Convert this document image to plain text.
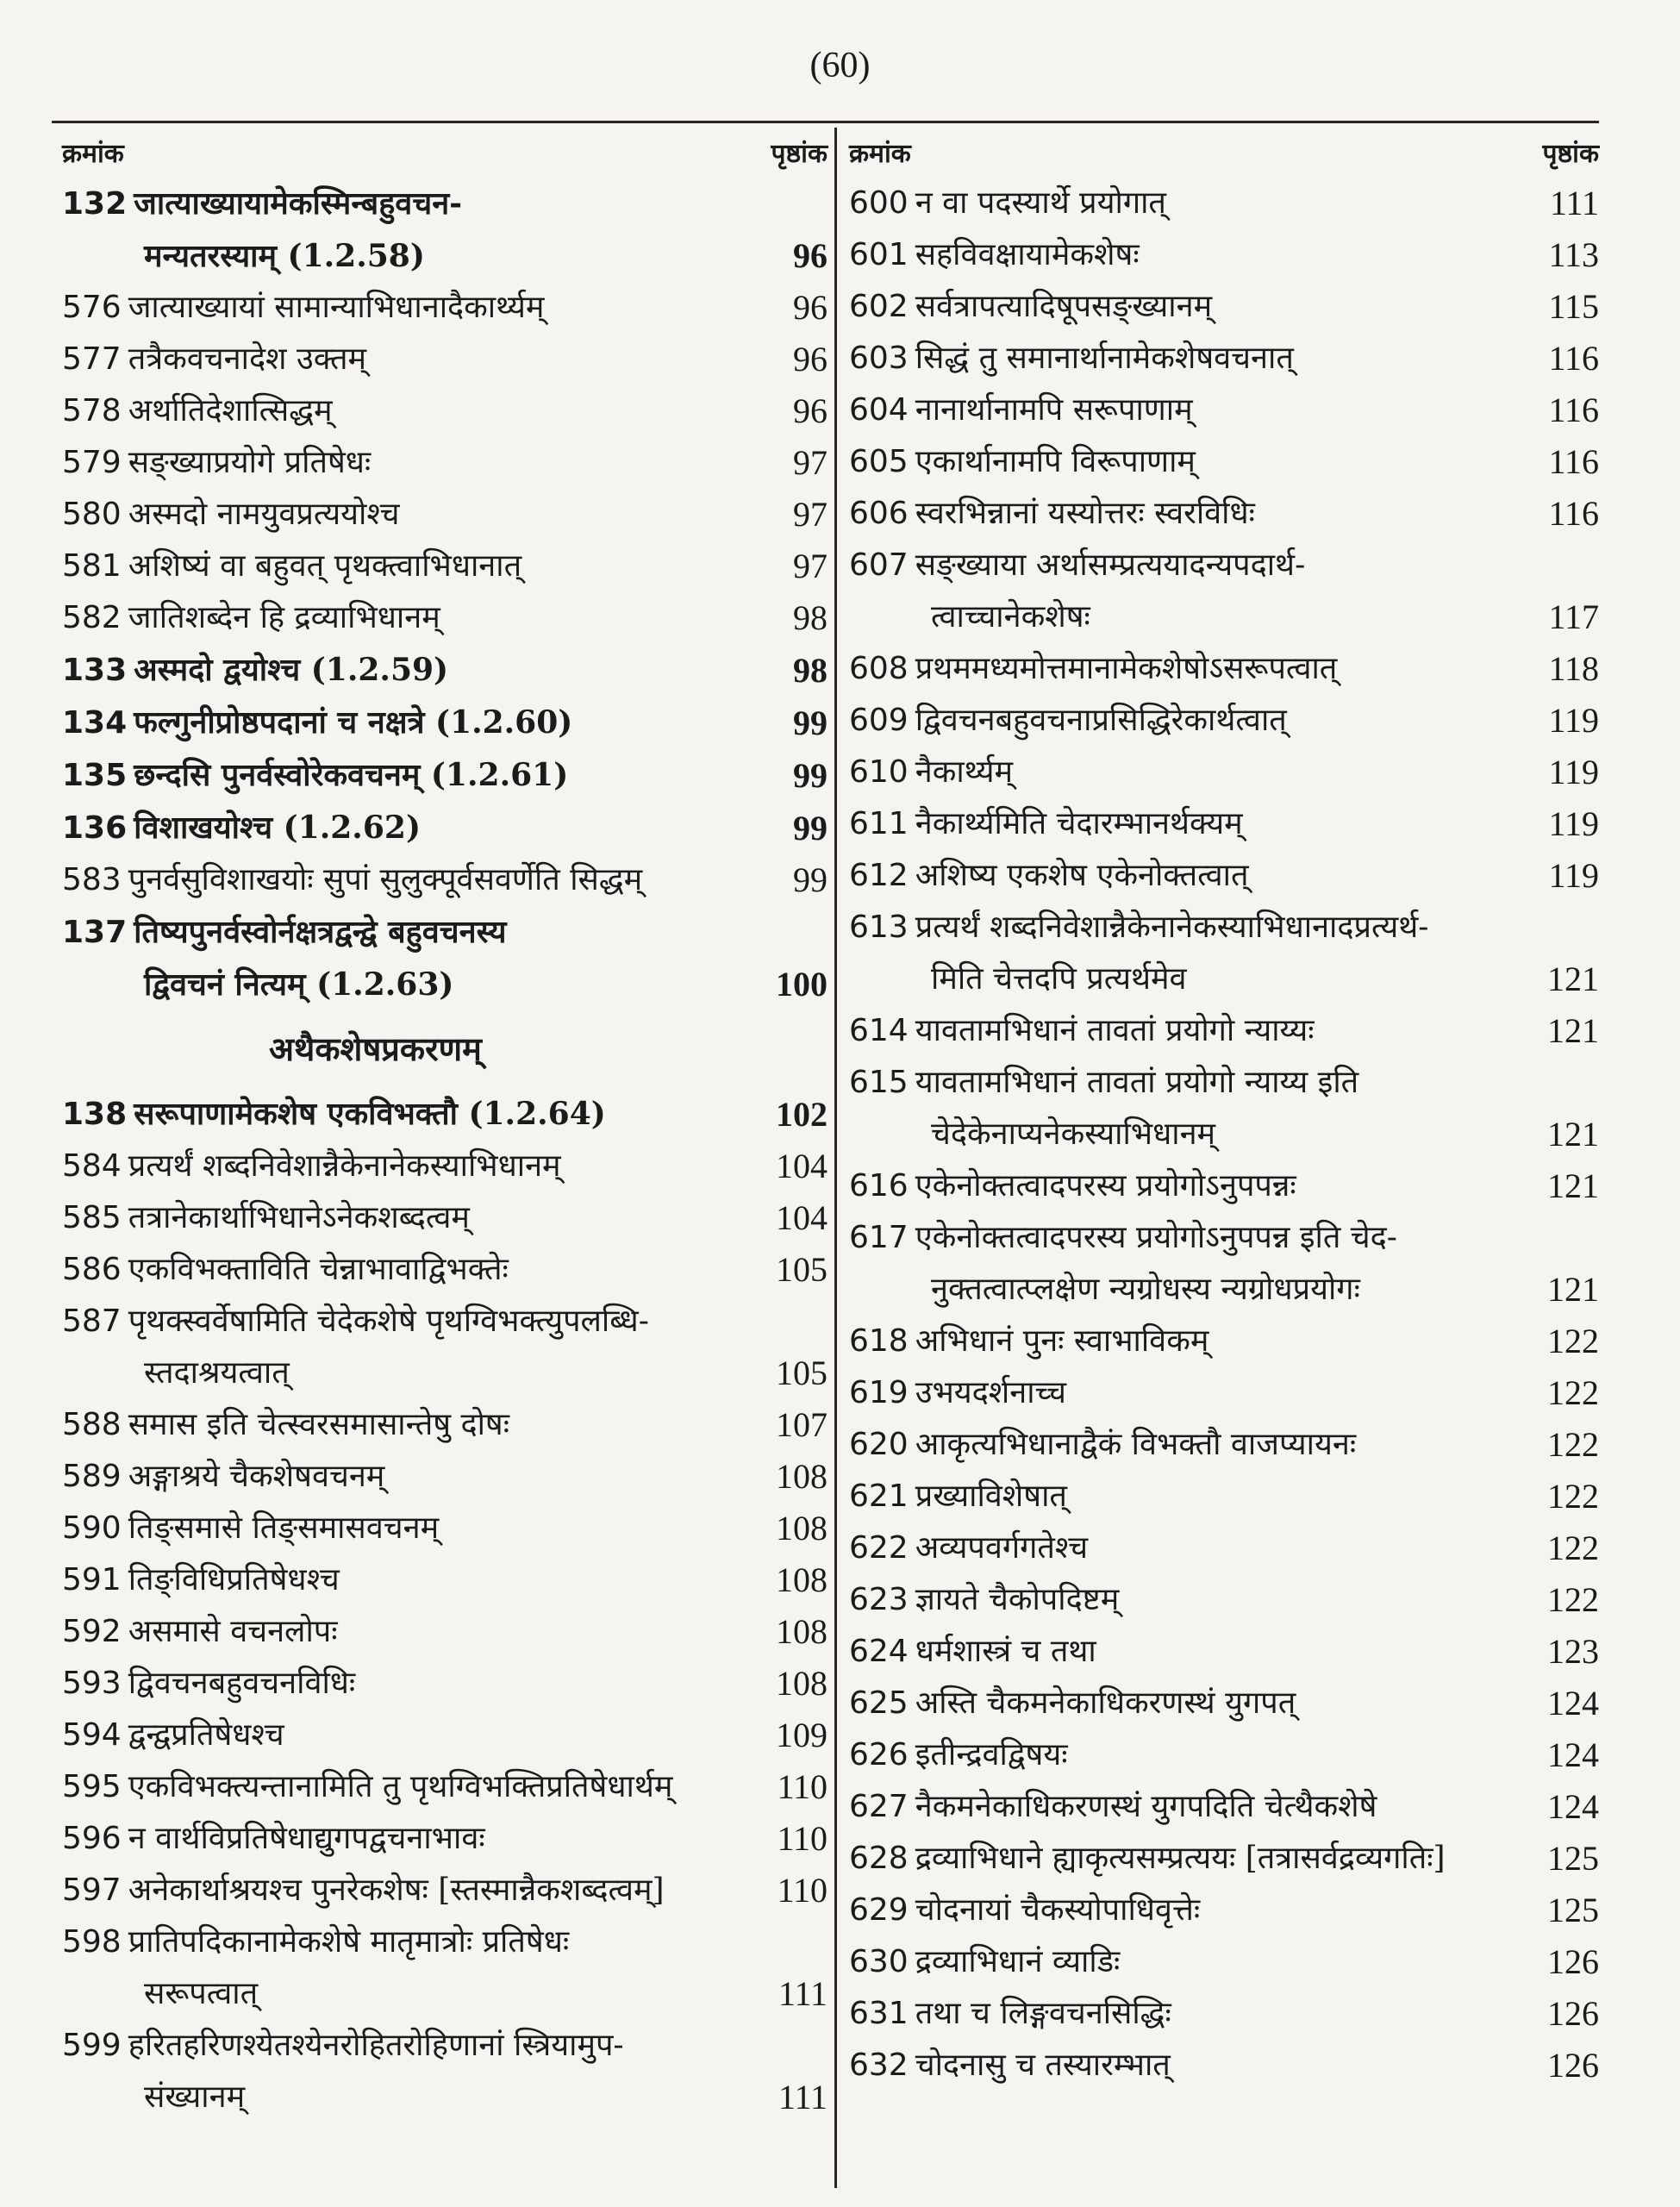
(60)
क्रमांक	पृष्ठांक
132 जात्याख्यायामेकस्मिन्बहुवचन-
मन्यतरस्याम् (1.2.58)	96
576 जात्याख्यायां सामान्याभिधानादैकार्थ्यम्	96
577 तत्रैकवचनादेश उक्तम्	96
578 अर्थातिदेशात्सिद्धम्	96
579 सङ्ख्याप्रयोगे प्रतिषेधः	97
580 अस्मदो नामयुवप्रत्ययोश्च	97
581 अशिष्यं वा बहुवत् पृथक्त्वाभिधानात्	97
582 जातिशब्देन हि द्रव्याभिधानम्	98
133 अस्मदो द्वयोश्च (1.2.59)	98
134 फल्गुनीप्रोष्ठपदानां च नक्षत्रे (1.2.60)	99
135 छन्दसि पुनर्वस्वोरेकवचनम् (1.2.61)	99
136 विशाखयोश्च (1.2.62)	99
583 पुनर्वसुविशाखयोः सुपां सुलुक्पूर्वसवर्णेति सिद्धम्	99
137 तिष्यपुनर्वस्वोर्नक्षत्रद्वन्द्वे बहुवचनस्य
द्विवचनं नित्यम् (1.2.63)	100
अथैकशेषप्रकरणम्
138 सरूपाणामेकशेष एकविभक्तौ (1.2.64)	102
584 प्रत्यर्थं शब्दनिवेशान्नैकेनानेकस्याभिधानम्	104
585 तत्रानेकार्थाभिधानेऽनेकशब्दत्वम्	104
586 एकविभक्ताविति चेन्नाभावाद्विभक्तेः	105
587 पृथक्स्वर्वेषामिति चेदेकशेषे पृथग्विभक्त्युपलब्धि-
स्तदाश्रयत्वात्	105
588 समास इति चेत्स्वरसमासान्तेषु दोषः	107
589 अङ्गाश्रये चैकशेषवचनम्	108
590 तिङ्समासे तिङ्समासवचनम्	108
591 तिङ्विधिप्रतिषेधश्च	108
592 असमासे वचनलोपः	108
593 द्विवचनबहुवचनविधिः	108
594 द्वन्द्वप्रतिषेधश्च	109
595 एकविभक्त्यन्तानामिति तु पृथग्विभक्तिप्रतिषेधार्थम्	110
596 न वार्थविप्रतिषेधाद्युगपद्वचनाभावः	110
597 अनेकार्थाश्रयश्च पुनरेकशेषः [स्तस्मान्नैकशब्दत्वम्]	110
598 प्रातिपदिकानामेकशेषे मातृमात्रोः प्रतिषेधः
सरूपत्वात्	111
599 हरितहरिणश्येतश्येनरोहितरोहिणानां स्त्रियामुप-
संख्यानम्	111
क्रमांक	पृष्ठांक
600 न वा पदस्यार्थे प्रयोगात्	111
601 सहविवक्षायामेकशेषः	113
602 सर्वत्रापत्यादिषूपसङ्ख्यानम्	115
603 सिद्धं तु समानार्थानामेकशेषवचनात्	116
604 नानार्थानामपि सरूपाणाम्	116
605 एकार्थानामपि विरूपाणाम्	116
606 स्वरभिन्नानां यस्योत्तरः स्वरविधिः	116
607 सङ्ख्याया अर्थासम्प्रत्ययादन्यपदार्थ-
त्वाच्चानेकशेषः	117
608 प्रथममध्यमोत्तमानामेकशेषोऽसरूपत्वात्	118
609 द्विवचनबहुवचनाप्रसिद्धिरेकार्थत्वात्	119
610 नैकार्थ्यम्	119
611 नैकार्थ्यमिति चेदारम्भानर्थक्यम्	119
612 अशिष्य एकशेष एकेनोक्तत्वात्	119
613 प्रत्यर्थं शब्दनिवेशान्नैकेनानेकस्याभिधानादप्रत्यर्थ-
मिति चेत्तदपि प्रत्यर्थमेव	121
614 यावतामभिधानं तावतां प्रयोगो न्याय्यः	121
615 यावतामभिधानं तावतां प्रयोगो न्याय्य इति
चेदेकेनाप्यनेकस्याभिधानम्	121
616 एकेनोक्तत्वादपरस्य प्रयोगोऽनुपपन्नः	121
617 एकेनोक्तत्वादपरस्य प्रयोगोऽनुपपन्न इति चेद-
नुक्तत्वात्प्लक्षेण न्यग्रोधस्य न्यग्रोधप्रयोगः	121
618 अभिधानं पुनः स्वाभाविकम्	122
619 उभयदर्शनाच्च	122
620 आकृत्यभिधानाद्वैकं विभक्तौ वाजप्यायनः	122
621 प्रख्याविशेषात्	122
622 अव्यपवर्गगतेश्च	122
623 ज्ञायते चैकोपदिष्टम्	122
624 धर्मशास्त्रं च तथा	123
625 अस्ति चैकमनेकाधिकरणस्थं युगपत्	124
626 इतीन्द्रवद्विषयः	124
627 नैकमनेकाधिकरणस्थं युगपदिति चेत्थैकशेषे	124
628 द्रव्याभिधाने ह्याकृत्यसम्प्रत्ययः [तत्रासर्वद्रव्यगतिः]	125
629 चोदनायां चैकस्योपाधिवृत्तेः	125
630 द्रव्याभिधानं व्याडिः	126
631 तथा च लिङ्गवचनसिद्धिः	126
632 चोदनासु च तस्यारम्भात्	126
